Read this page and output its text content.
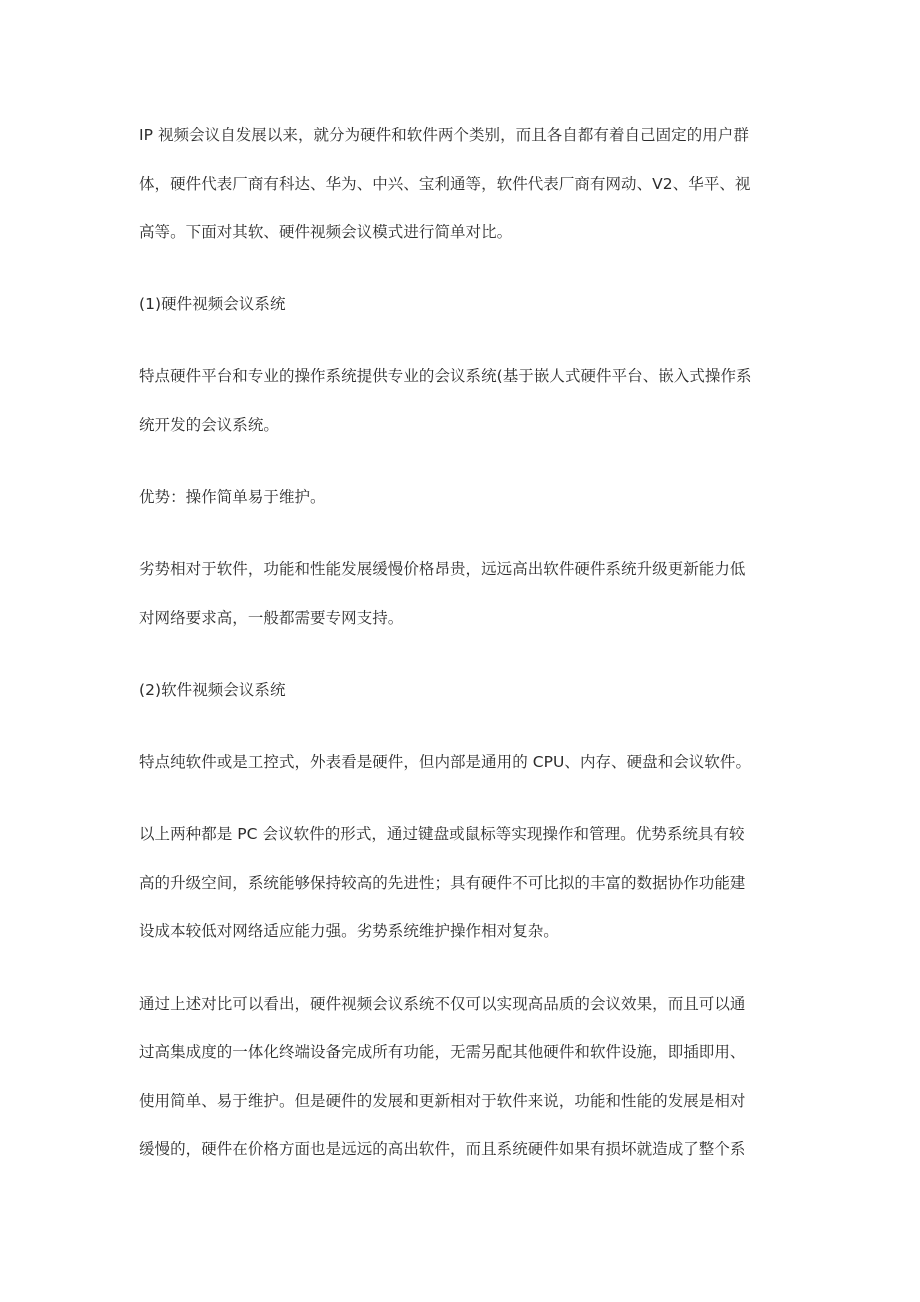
IP 视频会议自发展以来，就分为硬件和软件两个类别，而且各自都有着自己固定的用户群
体，硬件代表厂商有科达、华为、中兴、宝利通等，软件代表厂商有网动、V2、华平、视
高等。下面对其软、硬件视频会议模式进行简单对比。
(1)硬件视频会议系统
特点硬件平台和专业的操作系统提供专业的会议系统(基于嵌人式硬件平台、嵌入式操作系
统开发的会议系统。
优势：操作简单易于维护。
劣势相对于软件，功能和性能发展缓慢价格昂贵，远远高出软件硬件系统升级更新能力低
对网络要求高，一般都需要专网支持。
(2)软件视频会议系统
特点纯软件或是工控式，外表看是硬件，但内部是通用的 CPU、内存、硬盘和会议软件。
以上两种都是 PC 会议软件的形式，通过键盘或鼠标等实现操作和管理。优势系统具有较
高的升级空间，系统能够保持较高的先进性；具有硬件不可比拟的丰富的数据协作功能建
设成本较低对网络适应能力强。劣势系统维护操作相对复杂。
通过上述对比可以看出，硬件视频会议系统不仅可以实现高品质的会议效果，而且可以通
过高集成度的一体化终端设备完成所有功能，无需另配其他硬件和软件设施，即插即用、
使用简单、易于维护。但是硬件的发展和更新相对于软件来说，功能和性能的发展是相对
缓慢的，硬件在价格方面也是远远的高出软件，而且系统硬件如果有损坏就造成了整个系
